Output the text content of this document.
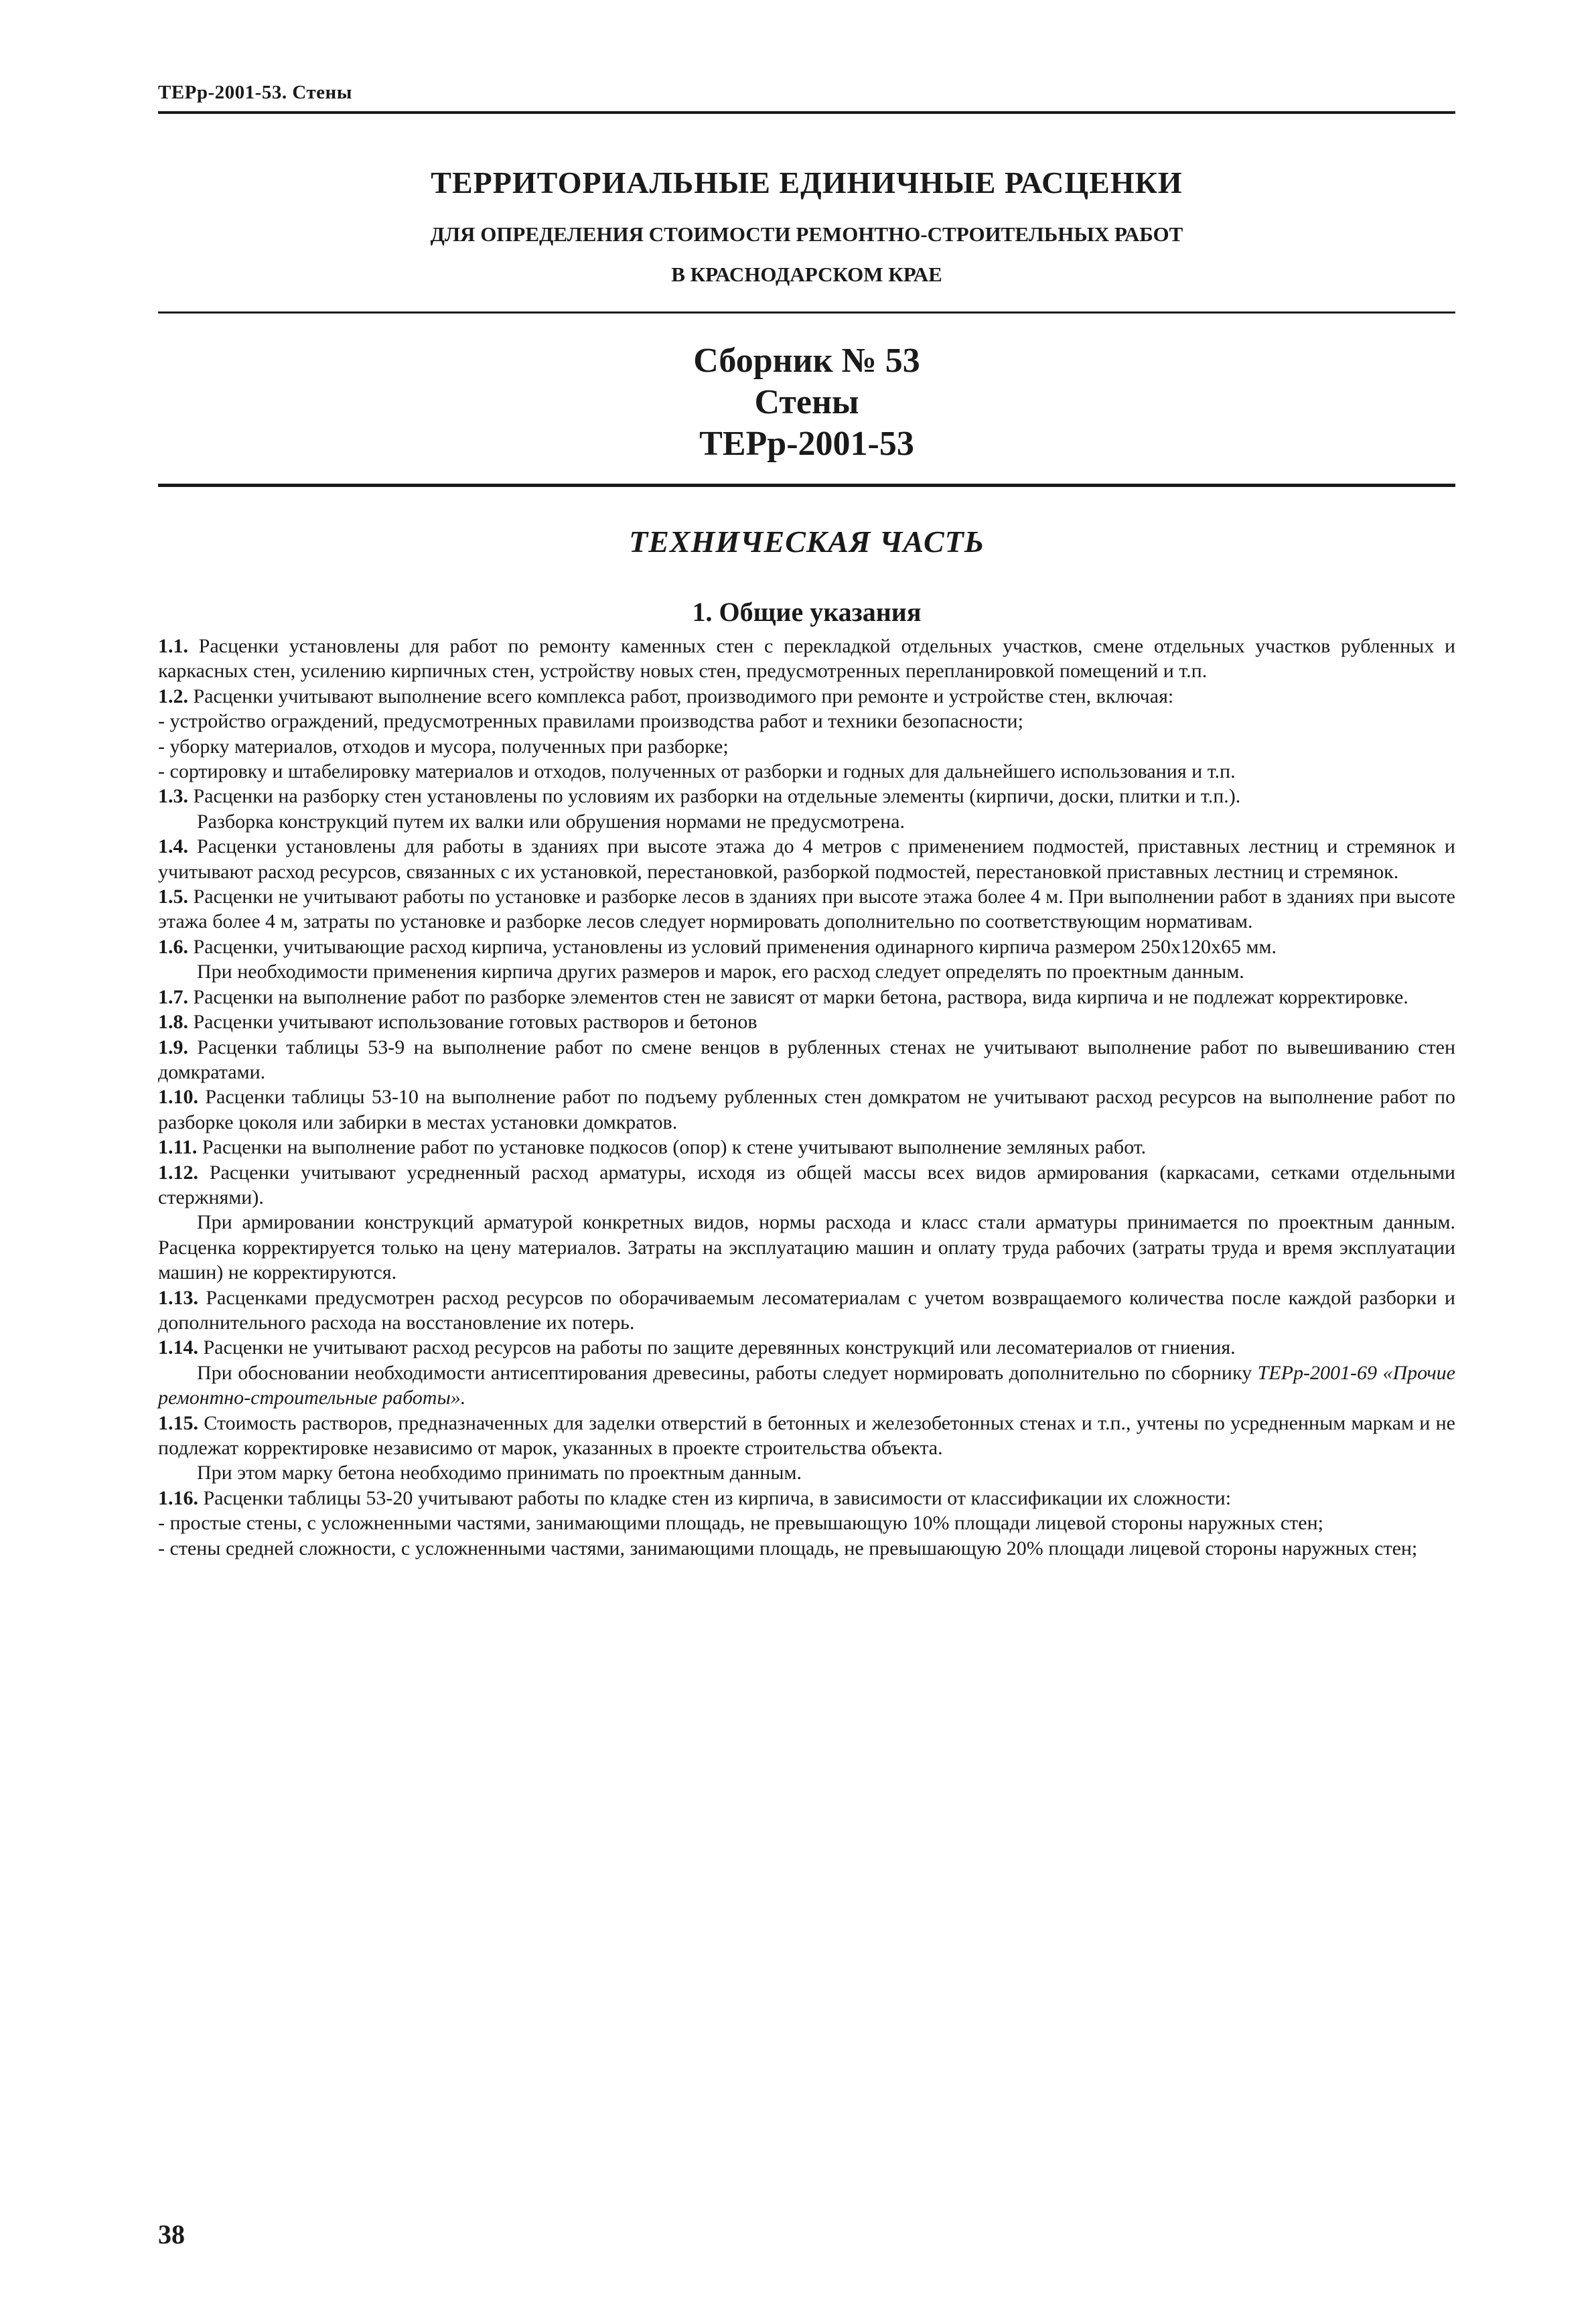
ТЕРр-2001-53. Стены
ТЕРРИТОРИАЛЬНЫЕ ЕДИНИЧНЫЕ РАСЦЕНКИ
ДЛЯ ОПРЕДЕЛЕНИЯ СТОИМОСТИ РЕМОНТНО-СТРОИТЕЛЬНЫХ РАБОТ
В КРАСНОДАРСКОМ КРАЕ
Сборник № 53
Стены
ТЕРр-2001-53
ТЕХНИЧЕСКАЯ ЧАСТЬ
1. Общие указания

1.1. Расценки установлены для работ по ремонту каменных стен с перекладкой отдельных участков, смене отдельных участков рубленных и каркасных стен, усилению кирпичных стен, устройству новых стен, предусмотренных перепланировкой помещений и т.п.

1.2. Расценки учитывают выполнение всего комплекса работ, производимого при ремонте и устройстве стен, включая:

- устройство ограждений, предусмотренных правилами производства работ и техники безопасности;

- уборку материалов, отходов и мусора, полученных при разборке;

- сортировку и штабелировку материалов и отходов, полученных от разборки и годных для дальнейшего использования и т.п.

1.3. Расценки на разборку стен установлены по условиям их разборки на отдельные элементы (кирпичи, доски, плитки и т.п.).

Разборка конструкций путем их валки или обрушения нормами не предусмотрена.

1.4. Расценки установлены для работы в зданиях при высоте этажа до 4 метров с применением подмостей, приставных лестниц и стремянок и учитывают расход ресурсов, связанных с их установкой, перестановкой, разборкой подмостей, перестановкой приставных лестниц и стремянок.

1.5. Расценки не учитывают работы по установке и разборке лесов в зданиях при высоте этажа более 4 м. При выполнении работ в зданиях при высоте этажа более 4 м, затраты по установке и разборке лесов следует нормировать дополнительно по соответствующим нормативам.

1.6. Расценки, учитывающие расход кирпича, установлены из условий применения одинарного кирпича размером 250х120х65 мм.

При необходимости применения кирпича других размеров и марок, его расход следует определять по проектным данным.

1.7. Расценки на выполнение работ по разборке элементов стен не зависят от марки бетона, раствора, вида кирпича и не подлежат корректировке.

1.8. Расценки учитывают использование готовых растворов и бетонов

1.9. Расценки таблицы 53-9 на выполнение работ по смене венцов в рубленных стенах не учитывают выполнение работ по вывешиванию стен домкратами.

1.10. Расценки таблицы 53-10 на выполнение работ по подъему рубленных стен домкратом не учитывают расход ресурсов на выполнение работ по разборке цоколя или забирки в местах установки домкратов.

1.11. Расценки на выполнение работ по установке подкосов (опор) к стене учитывают выполнение земляных работ.

1.12. Расценки учитывают усредненный расход арматуры, исходя из общей массы всех видов армирования (каркасами, сетками отдельными стержнями).

При армировании конструкций арматурой конкретных видов, нормы расхода и класс стали арматуры принимается по проектным данным. Расценка корректируется только на цену материалов. Затраты на эксплуатацию машин и оплату труда рабочих (затраты труда и время эксплуатации машин) не корректируются.

1.13. Расценками предусмотрен расход ресурсов по оборачиваемым лесоматериалам с учетом возвращаемого количества после каждой разборки и дополнительного расхода на восстановление их потерь.

1.14. Расценки не учитывают расход ресурсов на работы по защите деревянных конструкций или лесоматериалов от гниения.

При обосновании необходимости антисептирования древесины, работы следует нормировать дополнительно по сборнику ТЕРр-2001-69 «Прочие ремонтно-строительные работы».

1.15. Стоимость растворов, предназначенных для заделки отверстий в бетонных и железобетонных стенах и т.п., учтены по усредненным маркам и не подлежат корректировке независимо от марок, указанных в проекте строительства объекта.

При этом марку бетона необходимо принимать по проектным данным.

1.16. Расценки таблицы 53-20 учитывают работы по кладке стен из кирпича, в зависимости от классификации их сложности:

- простые стены, с усложненными частями, занимающими площадь, не превышающую 10% площади лицевой стороны наружных стен;

- стены средней сложности, с усложненными частями, занимающими площадь, не превышающую 20% площади лицевой стороны наружных стен;

38
